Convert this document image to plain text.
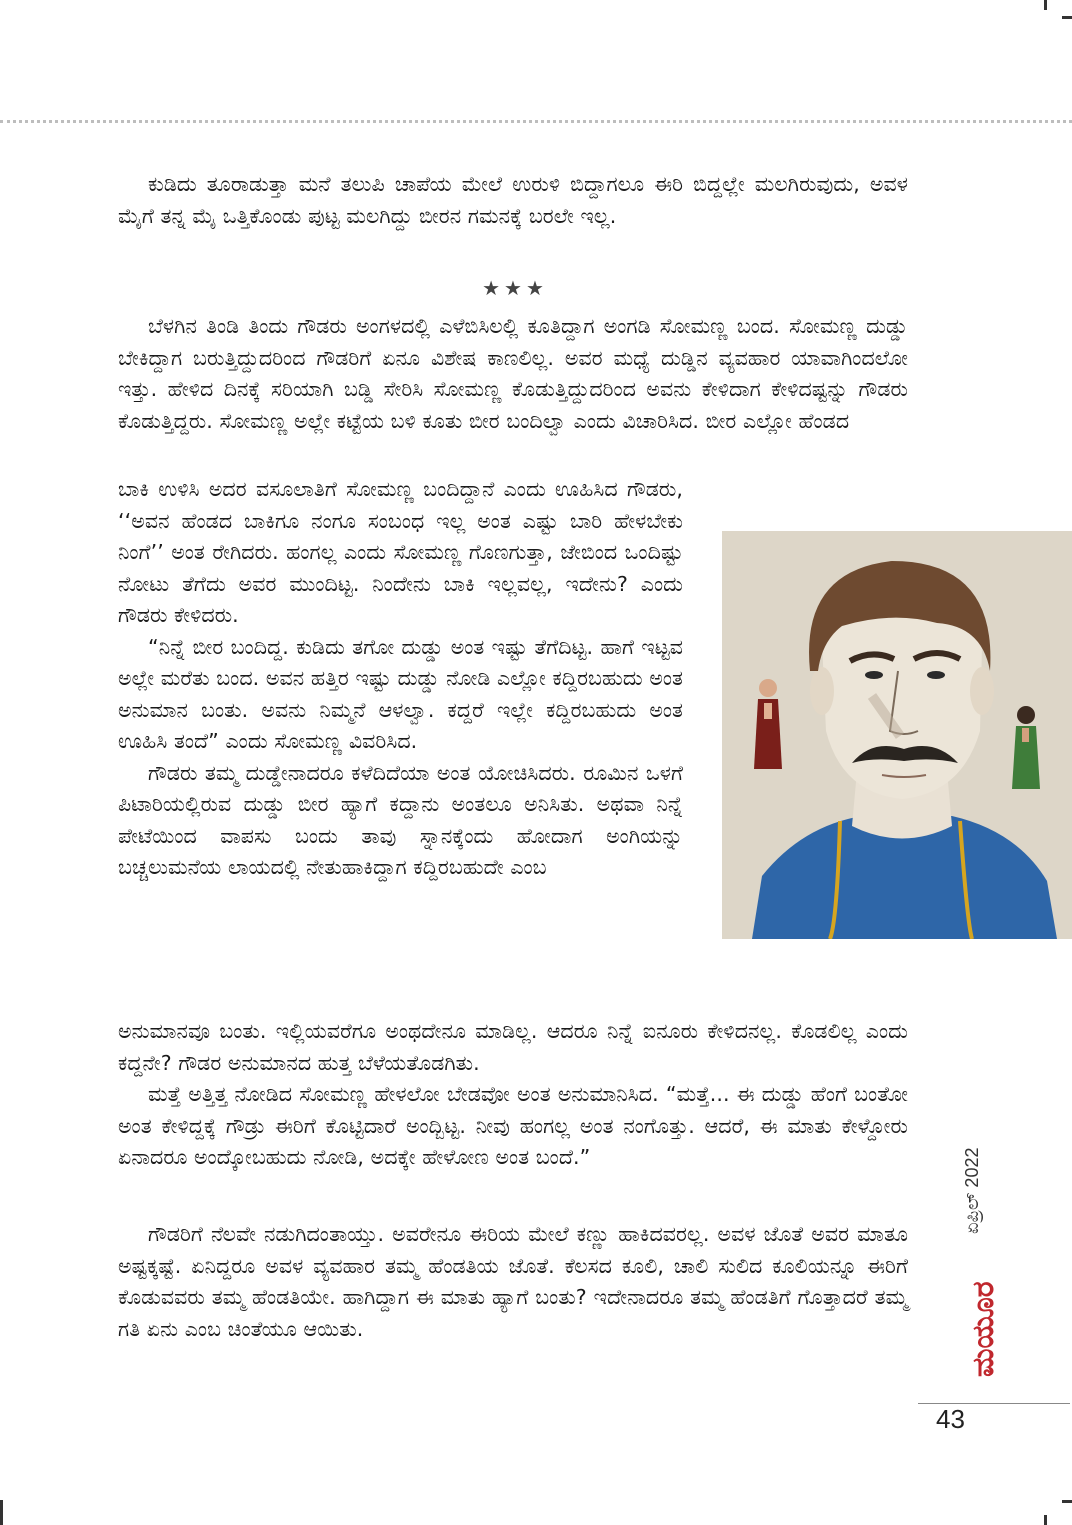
ಕುಡಿದು ತೂರಾಡುತ್ತಾ ಮನೆ ತಲುಪಿ ಚಾಪೆಯ ಮೇಲೆ ಉರುಳಿ ಬಿದ್ದಾಗಲೂ ಈರಿ ಬಿದ್ದಲ್ಲೇ ಮಲಗಿರುವುದು, ಅವಳ ಮೈಗೆ ತನ್ನ ಮೈ ಒತ್ತಿಕೊಂಡು ಪುಟ್ಟ ಮಲಗಿದ್ದು ಬೀರನ ಗಮನಕ್ಕೆ ಬರಲೇ ಇಲ್ಲ.

★★★

ಬೆಳಗಿನ ತಿಂಡಿ ತಿಂದು ಗೌಡರು ಅಂಗಳದಲ್ಲಿ ಎಳೆಬಿಸಿಲಲ್ಲಿ ಕೂತಿದ್ದಾಗ ಅಂಗಡಿ ಸೋಮಣ್ಣ ಬಂದ. ಸೋಮಣ್ಣ ದುಡ್ಡು ಬೇಕಿದ್ದಾಗ ಬರುತ್ತಿದ್ದುದರಿಂದ ಗೌಡರಿಗೆ ಏನೂ ವಿಶೇಷ ಕಾಣಲಿಲ್ಲ. ಅವರ ಮಧ್ಯೆ ದುಡ್ಡಿನ ವ್ಯವಹಾರ ಯಾವಾಗಿಂದಲೋ ಇತ್ತು. ಹೇಳಿದ ದಿನಕ್ಕೆ ಸರಿಯಾಗಿ ಬಡ್ಡಿ ಸೇರಿಸಿ ಸೋಮಣ್ಣ ಕೊಡುತ್ತಿದ್ದುದರಿಂದ ಅವನು ಕೇಳಿದಾಗ ಕೇಳಿದಷ್ಟನ್ನು ಗೌಡರು ಕೊಡುತ್ತಿದ್ದರು. ಸೋಮಣ್ಣ ಅಲ್ಲೇ ಕಟ್ಟೆಯ ಬಳಿ ಕೂತು ಬೀರ ಬಂದಿಲ್ವಾ ಎಂದು ವಿಚಾರಿಸಿದ. ಬೀರ ಎಲ್ಲೋ ಹೆಂಡದ

ಬಾಕಿ ಉಳಿಸಿ ಅದರ ವಸೂಲಾತಿಗೆ ಸೋಮಣ್ಣ ಬಂದಿದ್ದಾನೆ ಎಂದು ಊಹಿಸಿದ ಗೌಡರು, ‘‘ಅವನ ಹೆಂಡದ ಬಾಕಿಗೂ ನಂಗೂ ಸಂಬಂಧ ಇಲ್ಲ ಅಂತ ಎಷ್ಟು ಬಾರಿ ಹೇಳಬೇಕು ನಿಂಗೆ’’ ಅಂತ ರೇಗಿದರು. ಹಂಗಲ್ಲ ಎಂದು ಸೋಮಣ್ಣ ಗೊಣಗುತ್ತಾ, ಜೇಬಿಂದ ಒಂದಿಷ್ಟು ನೋಟು ತೆಗೆದು ಅವರ ಮುಂದಿಟ್ಟ. ನಿಂದೇನು ಬಾಕಿ ಇಲ್ಲವಲ್ಲ, ಇದೇನು? ಎಂದು ಗೌಡರು ಕೇಳಿದರು.

“ನಿನ್ನೆ ಬೀರ ಬಂದಿದ್ದ. ಕುಡಿದು ತಗೋ ದುಡ್ಡು ಅಂತ ಇಷ್ಟು ತೆಗೆದಿಟ್ಟ. ಹಾಗೆ ಇಟ್ಟವ ಅಲ್ಲೇ ಮರೆತು ಬಂದ. ಅವನ ಹತ್ತಿರ ಇಷ್ಟು ದುಡ್ಡು ನೋಡಿ ಎಲ್ಲೋ ಕದ್ದಿರಬಹುದು ಅಂತ ಅನುಮಾನ ಬಂತು. ಅವನು ನಿಮ್ಮನೆ ಆಳಲ್ವಾ. ಕದ್ದರೆ ಇಲ್ಲೇ ಕದ್ದಿರಬಹುದು ಅಂತ ಊಹಿಸಿ ತಂದೆ” ಎಂದು ಸೋಮಣ್ಣ ವಿವರಿಸಿದ.

ಗೌಡರು ತಮ್ಮ ದುಡ್ಡೇನಾದರೂ ಕಳೆದಿದೆಯಾ ಅಂತ ಯೋಚಿಸಿದರು. ರೂಮಿನ ಒಳಗೆ ಪಿಟಾರಿಯಲ್ಲಿರುವ ದುಡ್ಡು ಬೀರ ಹ್ಯಾಗೆ ಕದ್ದಾನು ಅಂತಲೂ ಅನಿಸಿತು. ಅಥವಾ ನಿನ್ನೆ ಪೇಟೆಯಿಂದ ವಾಪಸು ಬಂದು ತಾವು ಸ್ನಾನಕ್ಕೆಂದು ಹೋದಾಗ ಅಂಗಿಯನ್ನು ಬಚ್ಚಲುಮನೆಯ ಲಾಯದಲ್ಲಿ ನೇತುಹಾಕಿದ್ದಾಗ ಕದ್ದಿರಬಹುದೇ ಎಂಬ

ಅನುಮಾನವೂ ಬಂತು. ಇಲ್ಲಿಯವರೆಗೂ ಅಂಥದೇನೂ ಮಾಡಿಲ್ಲ. ಆದರೂ ನಿನ್ನೆ ಐನೂರು ಕೇಳಿದನಲ್ಲ. ಕೊಡಲಿಲ್ಲ ಎಂದು ಕದ್ದನೇ? ಗೌಡರ ಅನುಮಾನದ ಹುತ್ತ ಬೆಳೆಯತೊಡಗಿತು.

ಮತ್ತೆ ಅತ್ತಿತ್ತ ನೋಡಿದ ಸೋಮಣ್ಣ ಹೇಳಲೋ ಬೇಡವೋ ಅಂತ ಅನುಮಾನಿಸಿದ. “ಮತ್ತೆ... ಈ ದುಡ್ಡು ಹೆಂಗೆ ಬಂತೋ ಅಂತ ಕೇಳಿದ್ದಕ್ಕೆ ಗೌಡ್ರು ಈರಿಗೆ ಕೊಟ್ಟಿದಾರೆ ಅಂದ್ಬಿಟ್ಟ. ನೀವು ಹಂಗಲ್ಲ ಅಂತ ನಂಗೊತ್ತು. ಆದರೆ, ಈ ಮಾತು ಕೇಳ್ದೋರು ಏನಾದರೂ ಅಂದ್ಕೋಬಹುದು ನೋಡಿ, ಅದಕ್ಕೇ ಹೇಳೋಣ ಅಂತ ಬಂದೆ.”

ಗೌಡರಿಗೆ ನೆಲವೇ ನಡುಗಿದಂತಾಯ್ತು. ಅವರೇನೂ ಈರಿಯ ಮೇಲೆ ಕಣ್ಣು ಹಾಕಿದವರಲ್ಲ. ಅವಳ ಜೊತೆ ಅವರ ಮಾತೂ ಅಷ್ಟಕ್ಕಷ್ಟೆ. ಏನಿದ್ದರೂ ಅವಳ ವ್ಯವಹಾರ ತಮ್ಮ ಹೆಂಡತಿಯ ಜೊತೆ. ಕೆಲಸದ ಕೂಲಿ, ಚಾಲಿ ಸುಲಿದ ಕೂಲಿಯನ್ನೂ ಈರಿಗೆ ಕೊಡುವವರು ತಮ್ಮ ಹೆಂಡತಿಯೇ. ಹಾಗಿದ್ದಾಗ ಈ ಮಾತು ಹ್ಯಾಗೆ ಬಂತು? ಇದೇನಾದರೂ ತಮ್ಮ ಹೆಂಡತಿಗೆ ಗೊತ್ತಾದರೆ ತಮ್ಮ ಗತಿ ಏನು ಎಂಬ ಚಿಂತೆಯೂ ಆಯಿತು.

ಏಪ್ರಿಲ್ 2022
ಮಯೂರ
43
